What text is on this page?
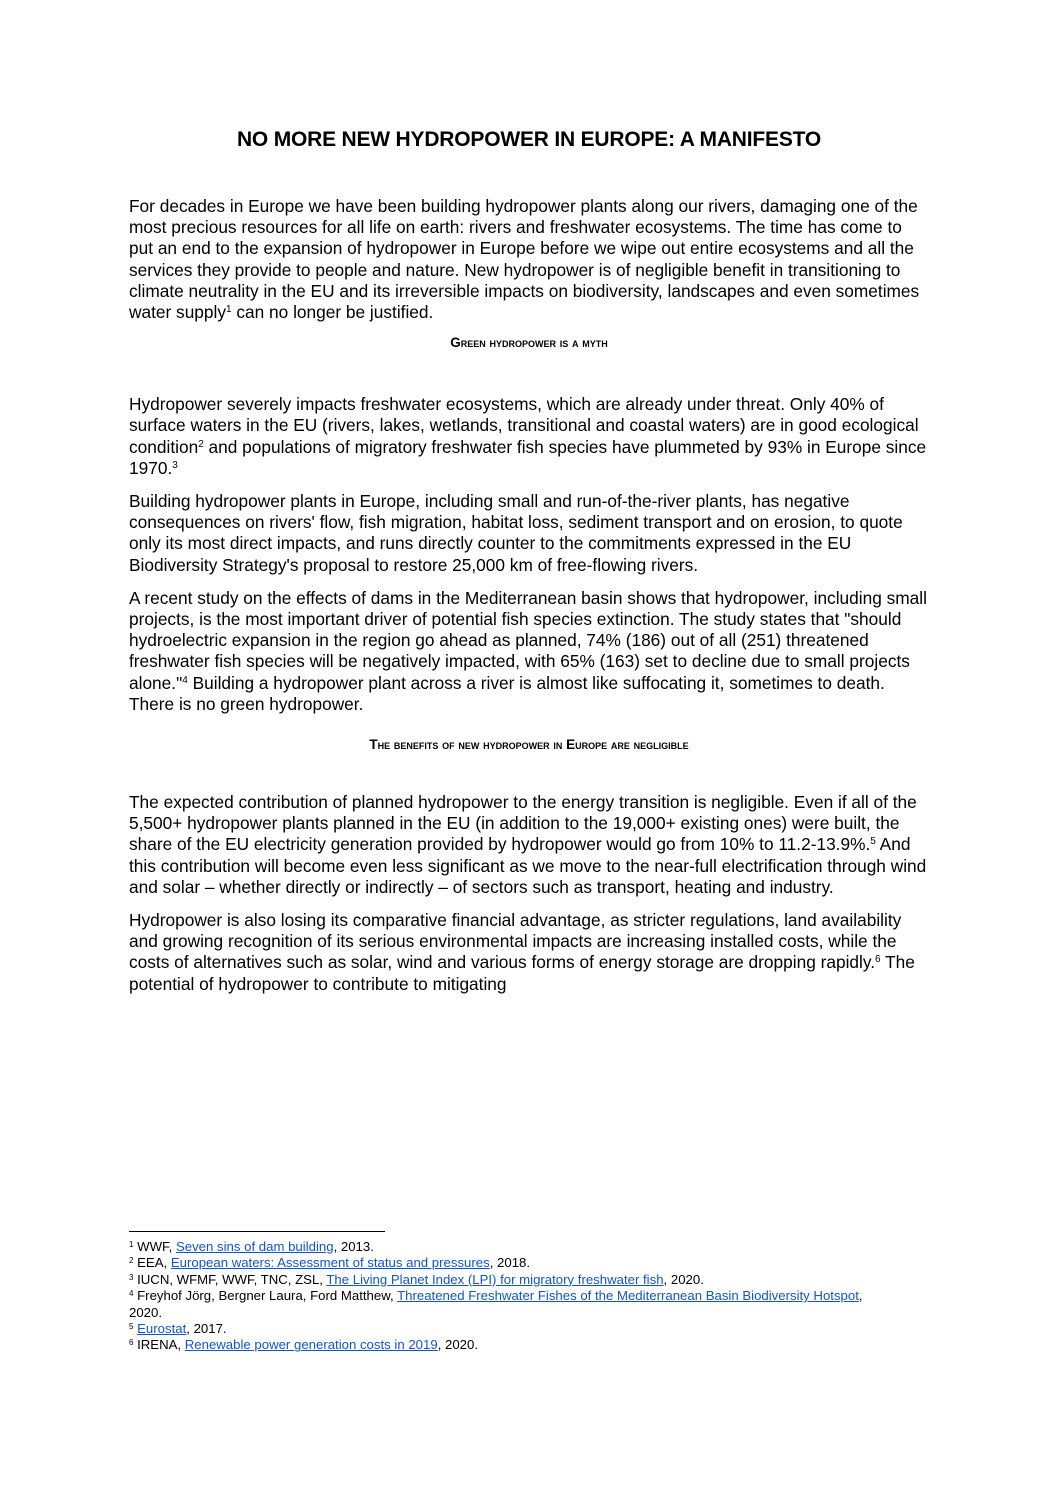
NO MORE NEW HYDROPOWER IN EUROPE: A MANIFESTO

For decades in Europe we have been building hydropower plants along our rivers, damaging one of the most precious resources for all life on earth: rivers and freshwater ecosystems. The time has come to put an end to the expansion of hydropower in Europe before we wipe out entire ecosystems and all the services they provide to people and nature. New hydropower is of negligible benefit in transitioning to climate neutrality in the EU and its irreversible impacts on biodiversity, landscapes and even sometimes water supply$^1$ can no longer be justified.

Green hydropower is a myth

Hydropower severely impacts freshwater ecosystems, which are already under threat. Only 40% of surface waters in the EU (rivers, lakes, wetlands, transitional and coastal waters) are in good ecological condition$^2$ and populations of migratory freshwater fish species have plummeted by 93% in Europe since 1970.$^3$

Building hydropower plants in Europe, including small and run-of-the-river plants, has negative consequences on rivers' flow, fish migration, habitat loss, sediment transport and on erosion, to quote only its most direct impacts, and runs directly counter to the commitments expressed in the EU Biodiversity Strategy's proposal to restore 25,000 km of free-flowing rivers.

A recent study on the effects of dams in the Mediterranean basin shows that hydropower, including small projects, is the most important driver of potential fish species extinction. The study states that "should hydroelectric expansion in the region go ahead as planned, 74% (186) out of all (251) threatened freshwater fish species will be negatively impacted, with 65% (163) set to decline due to small projects alone."$^4$ Building a hydropower plant across a river is almost like suffocating it, sometimes to death. There is no green hydropower.

The benefits of new hydropower in Europe are negligible

The expected contribution of planned hydropower to the energy transition is negligible. Even if all of the 5,500+ hydropower plants planned in the EU (in addition to the 19,000+ existing ones) were built, the share of the EU electricity generation provided by hydropower would go from 10% to 11.2-13.9%.$^5$ And this contribution will become even less significant as we move to the near-full electrification through wind and solar – whether directly or indirectly – of sectors such as transport, heating and industry.

Hydropower is also losing its comparative financial advantage, as stricter regulations, land availability and growing recognition of its serious environmental impacts are increasing installed costs, while the costs of alternatives such as solar, wind and various forms of energy storage are dropping rapidly.$^6$ The potential of hydropower to contribute to mitigating

$^1$ WWF, Seven sins of dam building, 2013.

$^2$ EEA, European waters: Assessment of status and pressures, 2018.

$^3$ IUCN, WFMF, WWF, TNC, ZSL, The Living Planet Index (LPI) for migratory freshwater fish, 2020.

$^4$ Freyhof Jörg, Bergner Laura, Ford Matthew, Threatened Freshwater Fishes of the Mediterranean Basin Biodiversity Hotspot, 2020.

$^5$ Eurostat, 2017.

$^6$ IRENA, Renewable power generation costs in 2019, 2020.
